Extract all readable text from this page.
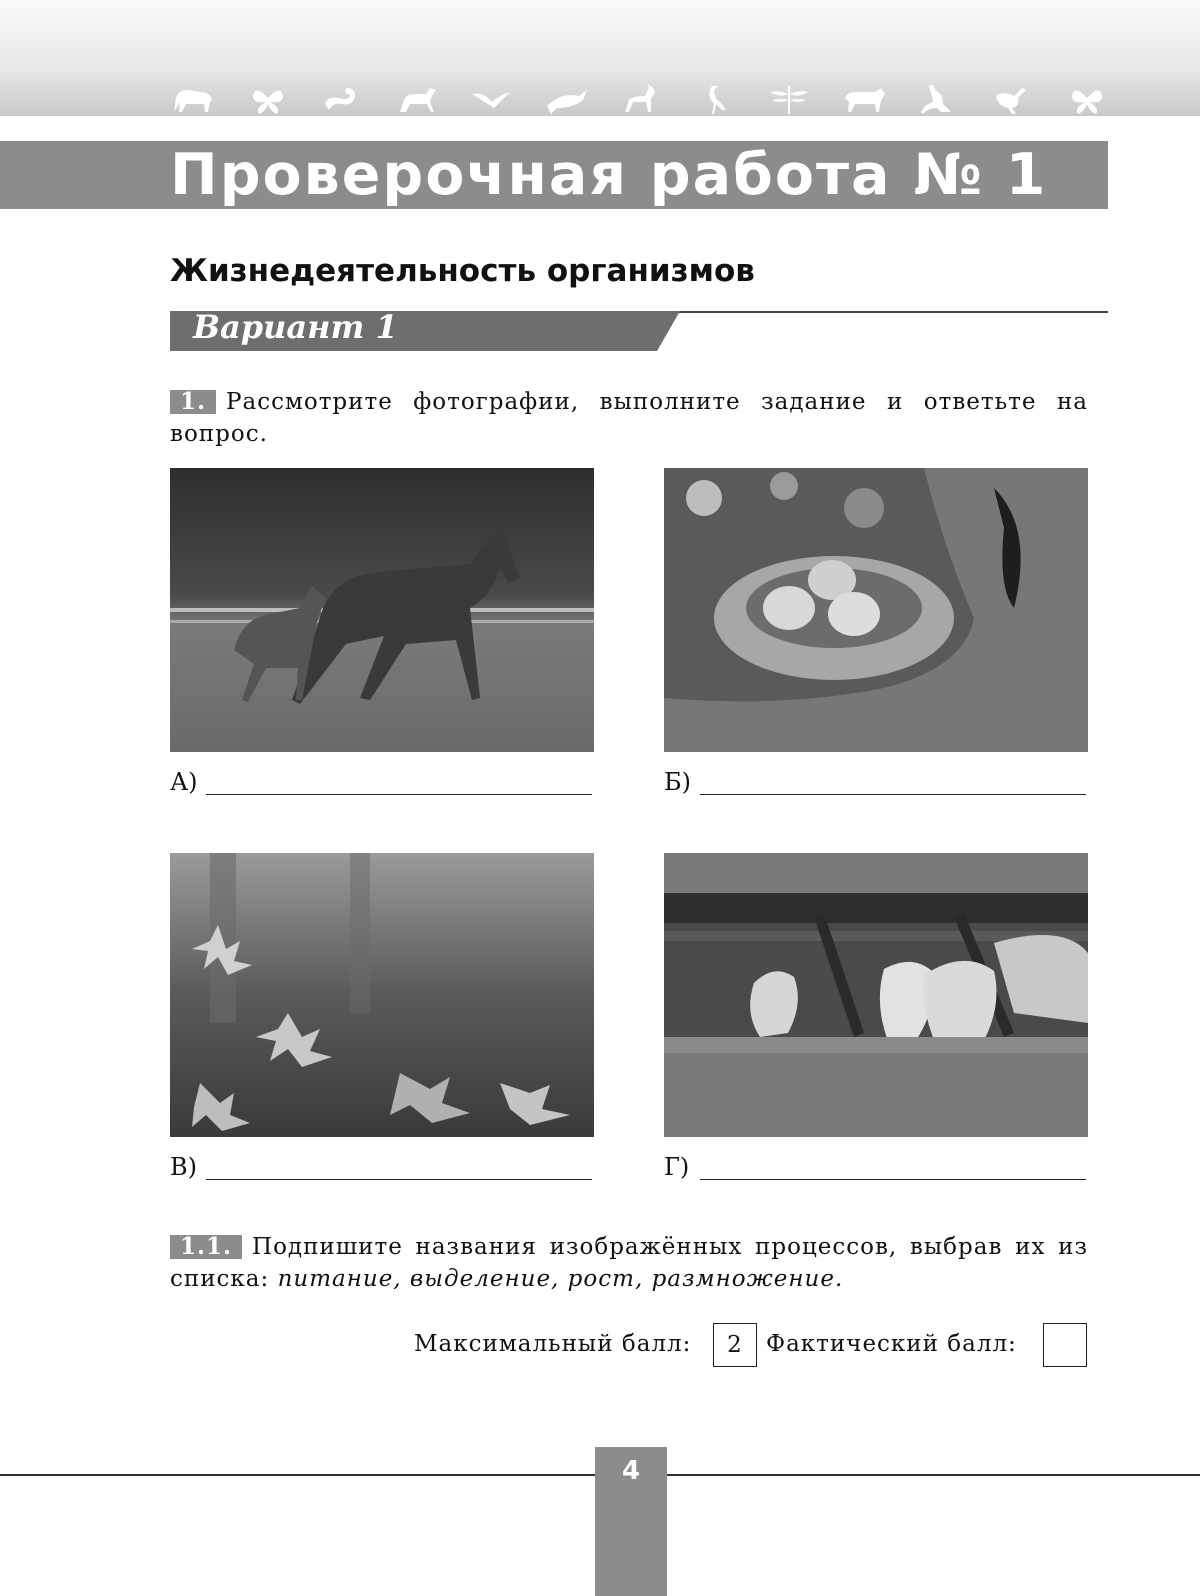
Проверочная работа № 1
Жизнедеятельность организмов
Вариант 1
1. Рассмотрите фотографии, выполните задание и ответьте на вопрос.
А)	Б)
В)	Г)
1.1. Подпишите названия изображённых процессов, выбрав их из списка: питание, выделение, рост, размножение.
Максимальный балл:	2	Фактический балл:
4
